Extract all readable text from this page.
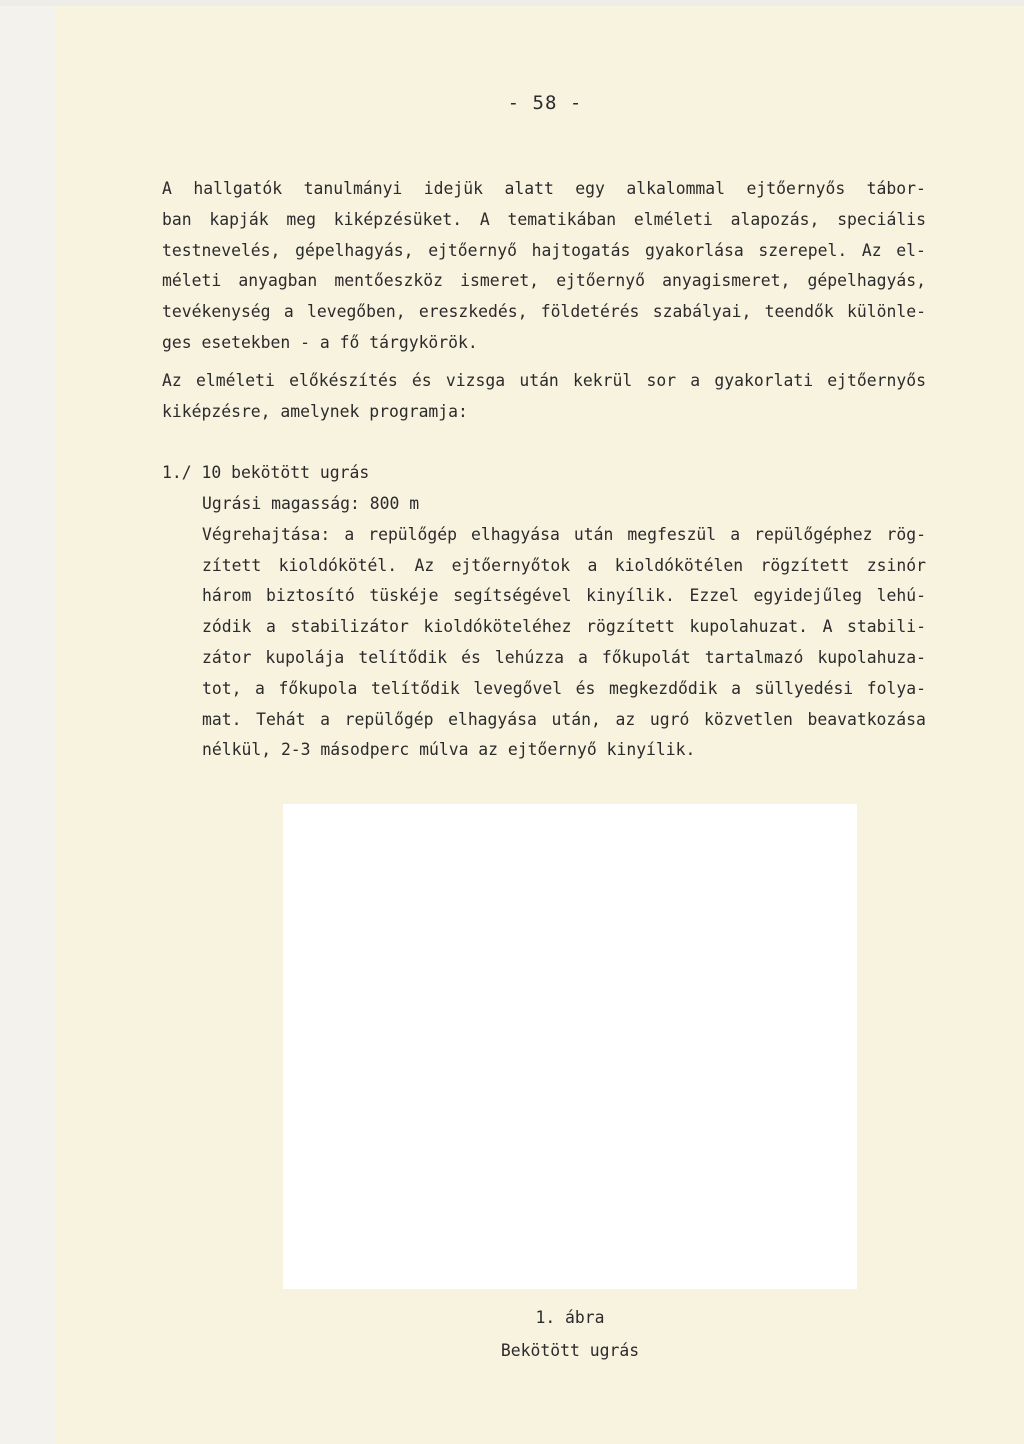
- 58 -
A hallgatók tanulmányi idejük alatt egy alkalommal ejtőernyős tábor-
ban kapják meg kiképzésüket. A tematikában elméleti alapozás, speciális
testnevelés, gépelhagyás, ejtőernyő hajtogatás gyakorlása szerepel. Az el-
méleti anyagban mentőeszköz ismeret, ejtőernyő anyagismeret, gépelhagyás,
tevékenység a levegőben, ereszkedés, földetérés szabályai, teendők különle-
ges esetekben - a fő tárgykörök.
Az elméleti előkészítés és vizsga után kekrül sor a gyakorlati ejtőernyős
kiképzésre, amelynek programja:
1./ 10 bekötött ugrás
Ugrási magasság: 800 m
Végrehajtása: a repülőgép elhagyása után megfeszül a repülőgéphez rög-
zített kioldókötél. Az ejtőernyőtok a kioldókötélen rögzített zsinór
három biztosító tüskéje segítségével kinyílik. Ezzel egyidejűleg lehú-
zódik a stabilizátor kioldóköteléhez rögzített kupolahuzat. A stabili-
zátor kupolája telítődik és lehúzza a főkupolát tartalmazó kupolahuza-
tot, a főkupola telítődik levegővel és megkezdődik a süllyedési folya-
mat. Tehát a repülőgép elhagyása után, az ugró közvetlen beavatkozása
nélkül, 2-3 másodperc múlva az ejtőernyő kinyílik.
1. ábra
Bekötött ugrás
